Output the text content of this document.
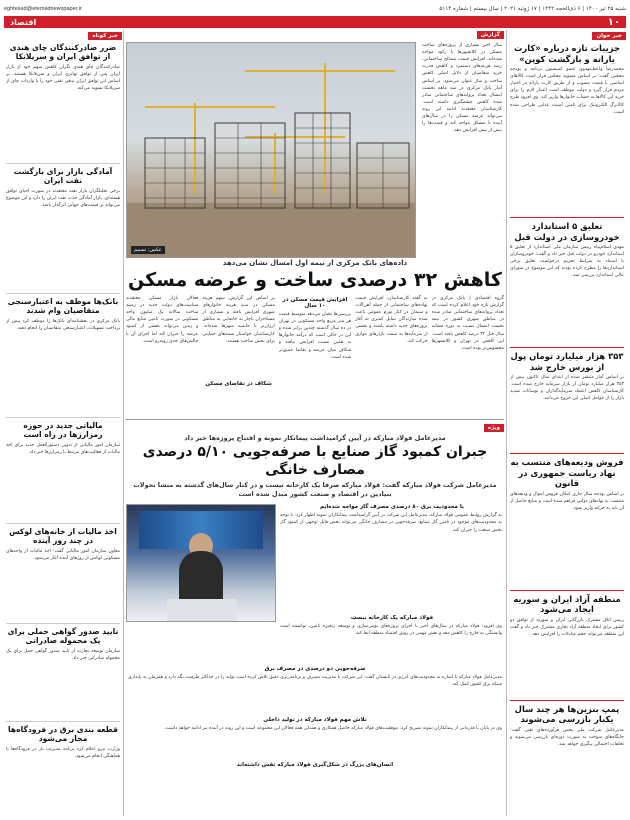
شنبه ۲۵ تیر ۱۴۰۰ | ۶ ذی‌الحجه ۱۴۴۲ | ۱۷ ژوئیه ۲۰۲۱ | سال بیستم | شماره ۵۱۱۴
eghtesad@etemadnewspaper.ir
۱۰
اقتصاد
خبر خوان
جزییات تازه درباره «کارت یارانه و بازگشت کوپن»
محمدرضا واعظ‌مهدوی عضو کمیسیون برنامه و بودجه مجلس گفت: بر اساس مصوبه مجلس قرار است کالاهای اساسی با قیمت مصوب و از طریق کارت یارانه در اختیار مردم قرار گیرد و دولت موظف است اعتبار لازم را برای خرید این کالاها به حساب خانوارها واریز کند. وی افزود طرح کالابرگ الکترونیک برای تامین امنیت غذایی طراحی شده است.
تعلیق ۵ استاندارد خودروسازی در دولت قبل
مهدی اسلام‌پناه رییس سازمان ملی استاندارد از تعلیق ۵ استاندارد خودرو در دولت قبل خبر داد و گفت: خودروسازان با استناد به شرایط تحریم درخواست تعلیق برخی استانداردها را مطرح کرده بودند که این موضوع در شورای عالی استاندارد بررسی شد.
۳۵۳ هزار میلیارد تومان پول از بورس خارج شد
بر اساس آمار منتشر شده از ابتدای سال تاکنون بیش از ۳۵۳ هزار میلیارد تومان از بازار سرمایه خارج شده است. کارشناسان کاهش اعتماد سرمایه‌گذاران و نوسانات شدید بازار را از عوامل اصلی این خروج می‌دانند.
فروش ودیعه‌های منتسب به نهاد ریاست جمهوری در قانون
بر اساس بودجه سال جاری امکان فروش اموال و ودیعه‌های منتسب به نهادهای دولتی فراهم شده است و منابع حاصل از آن باید به خزانه واریز شود.
منطقه آزاد ایران و سوریه ایجاد می‌شود
رییس اتاق مشترک بازرگانی ایران و سوریه از توافق دو کشور برای ایجاد منطقه آزاد تجاری مشترک خبر داد و گفت این منطقه می‌تواند حجم مبادلات را افزایش دهد.
پمپ بنزین‌ها هر چند سال یکبار بازرسی می‌شوند
مدیرعامل شرکت ملی پخش فرآورده‌های نفتی گفت: جایگاه‌های سوخت به صورت دوره‌ای بازرسی می‌شوند و تخلفات احتمالی پیگیری خواهد شد.
خبر کوتاه
ضرر صادرکنندگان چای هندی از توافق ایران و سریلانکا
صادرکنندگان چای هندی نگران کاهش سهم خود از بازار ایران پس از توافق تهاتری ایران و سریلانکا هستند. بر اساس این توافق ایران بدهی نفتی خود را با واردات چای از سریلانکا تسویه می‌کند.
آمادگی بازار برای بازگشت نفت ایران
برخی تحلیلگران بازار نفت معتقدند در صورت احیای توافق هسته‌ای، بازار آمادگی جذب نفت ایران را دارد و این موضوع می‌تواند بر قیمت‌های جهانی اثرگذار باشد.
بانک‌ها موظف به اعتبارسنجی متقاضیان وام شدند
بانک مرکزی در بخشنامه‌ای بانک‌ها را موظف کرد پیش از پرداخت تسهیلات، اعتبارسنجی متقاضیان را انجام دهند.
مالیاتی جدید در حوزه رمزارزها در راه است
سازمان امور مالیاتی از تدوین دستورالعمل جدید برای اخذ مالیات از فعالیت‌های مرتبط با رمزارزها خبر داد.
اخذ مالیات از خانه‌های لوکس در چند روز آینده
معاون سازمان امور مالیاتی گفت: اخذ مالیات از واحدهای مسکونی لوکس از روزهای آینده آغاز می‌شود.
تایید صدور گواهی حملی برای یک محموله صادراتی
سازمان توسعه تجارت از تایید صدور گواهی حمل برای یک محموله صادراتی خبر داد.
قطعه بندی برق در فرودگاه‌ها مجاز می‌شود
وزارت نیرو اعلام کرد برنامه مدیریت بار در فرودگاه‌ها با هماهنگی انجام می‌شود.
گزارش
سال اخیر بسیاری از پروژه‌های ساخت مسکن در کلانشهرها با رکود مواجه شده‌اند. افزایش قیمت مصالح ساختمانی، رشد هزینه‌های دستمزد و کاهش قدرت خرید متقاضیان از دلایل اصلی کاهش ساخت و ساز عنوان می‌شود. بر اساس آمار بانک مرکزی در سه ماهه نخست امسال تعداد پروانه‌های ساختمانی صادر شده کاهش چشمگیری داشته است. کارشناسان معتقدند ادامه این روند می‌تواند عرضه مسکن را در سال‌های آینده با مشکل مواجه کند و قیمت‌ها را بیش از پیش افزایش دهد.
عکس: تسنیم
داده‌های بانک مرکزی از نیمه اول امسال نشان می‌دهد
کاهش ۳۲ درصدی ساخت و عرضه مسکن
گروه اقتصادی | بانک مرکزی در گزارش تازه خود اعلام کرده است که تعداد پروانه‌های ساختمانی صادر شده در مناطق شهری کشور در نیمه نخست امسال نسبت به دوره مشابه سال قبل ۳۲ درصد کاهش یافته است. این کاهش در تهران و کلانشهرها محسوس‌تر بوده است.
به گفته کارشناسان، افزایش قیمت نهاده‌های ساختمانی از جمله آهن‌آلات و سیمان در کنار تورم عمومی باعث شده سازندگان تمایل کمتری به آغاز پروژه‌های جدید داشته باشند و بخشی از سرمایه‌ها به سمت بازارهای موازی حرکت کند.
افزایش قیمت مسکن در ۱۰ سال
بررسی‌ها نشان می‌دهد متوسط قیمت هر متر مربع واحد مسکونی در تهران در ده سال گذشته چندین برابر شده و این در حالی است که درآمد خانوارها به همین نسبت افزایش نیافته و شکاف میان عرضه و تقاضا عمیق‌تر شده است.
بر اساس این گزارش، سهم هزینه مسکن در سبد هزینه خانوارهای شهری افزایش یافته و بسیاری از مستاجران ناچار به جابجایی به مناطق ارزان‌تر یا حاشیه شهرها شده‌اند. کارشناسان خواستار بسته‌های حمایتی برای بخش ساخت هستند.
شکاف در تقاضای مسکن
فعالان بازار مسکن معتقدند سیاست‌های دولت جدید در زمینه ساخت سالانه یک میلیون واحد مسکونی در صورت تامین منابع مالی و زمین می‌تواند بخشی از کمبود عرضه را جبران کند اما اجرای آن با چالش‌های جدی روبه‌رو است.
ویژه
مدیرعامل فولاد مبارکه در آیین گرامیداشت پیمانکار نمونه و افتتاح پروژه‌ها خبر داد
جبران کمبود گاز صنایع با صرفه‌جویی ۵/۱۰ درصدی مصارف خانگی
مدیرعامل شرکت فولاد مبارکه گفت: فولاد مبارکه صرفا یک کارخانه نیست و در کنار سال‌های گذشته به منشا تحولات بنیادین در اقتصاد و صنعت کشور مبدل شده است
با محدودیت برق ۸۰ درصدی مصرف گاز مواجه شده‌ایم
به گزارش روابط عمومی فولاد مبارکه، مدیرعامل این شرکت در آیین گرامیداشت پیمانکاران نمونه اظهار کرد: با توجه به محدودیت‌های موجود در تامین گاز صنایع، صرفه‌جویی در مصارف خانگی می‌تواند بخش قابل توجهی از کمبود گاز بخش صنعت را جبران کند.
فولاد مبارکه یک کارخانه نیست
وی افزود: فولاد مبارکه در سال‌های اخیر با اجرای پروژه‌های بومی‌سازی و توسعه زنجیره تامین، توانسته است وابستگی به خارج را کاهش دهد و نقش مهمی در رونق اقتصاد منطقه ایفا کند.
صرفه‌جویی دو درصدی در مصرف برق
مدیرعامل فولاد مبارکه با اشاره به محدودیت‌های انرژی در تابستان گفت: این شرکت با مدیریت مصرف و برنامه‌ریزی دقیق تلاش کرده است تولید را در حداکثر ظرفیت نگه دارد و همزمان به پایداری شبکه برق کشور کمک کند.
تلاش مهم فولاد مبارکه در تولید داخلی
وی در پایان با قدردانی از پیمانکاران نمونه تصریح کرد: موفقیت‌های فولاد مبارکه حاصل همکاری و همدلی همه فعالان این مجموعه است و این روند در آینده نیز ادامه خواهد داشت.
انسان‌های بزرگ در شکل‌گیری فولاد مبارکه نقش داشته‌اند
